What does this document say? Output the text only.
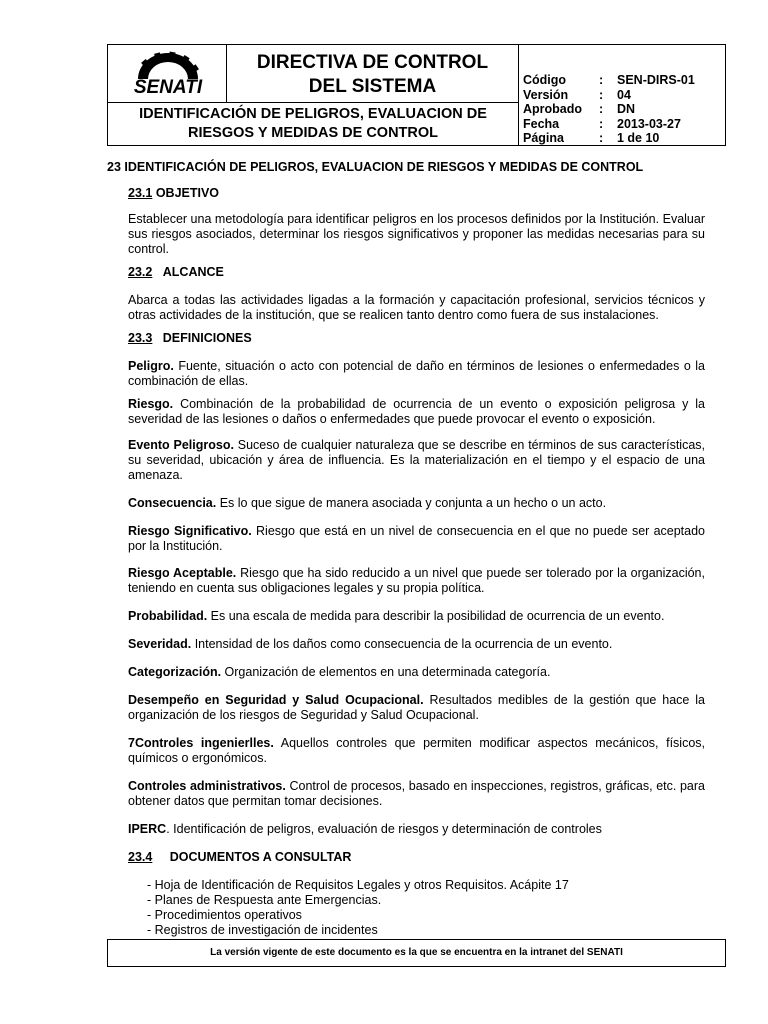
SENATI
DIRECTIVA DE CONTROL
DEL SISTEMA
IDENTIFICACIÓN DE PELIGROS, EVALUACION DE
RIESGOS Y MEDIDAS DE CONTROL
Código	:	SEN-DIRS-01
Versión	:	04
Aprobado	:	DN
Fecha	:	2013-03-27
Página	:	1 de 10

23 IDENTIFICACIÓN DE PELIGROS, EVALUACION DE RIESGOS Y MEDIDAS DE CONTROL

23.1 OBJETIVO

Establecer una metodología para identificar peligros en los procesos definidos por la Institución. Evaluar sus riesgos asociados, determinar los riesgos significativos y proponer las medidas necesarias para su control.

23.2 ALCANCE

Abarca a todas las actividades ligadas a la formación y capacitación profesional, servicios técnicos y otras actividades de la institución, que se realicen tanto dentro como fuera de sus instalaciones.

23.3 DEFINICIONES

Peligro. Fuente, situación o acto con potencial de daño en términos de lesiones o enfermedades o la combinación de ellas.

Riesgo. Combinación de la probabilidad de ocurrencia de un evento o exposición peligrosa y la severidad de las lesiones o daños o enfermedades que puede provocar el evento o exposición.

Evento Peligroso. Suceso de cualquier naturaleza que se describe en términos de sus características, su severidad, ubicación y área de influencia. Es la materialización en el tiempo y el espacio de una amenaza.

Consecuencia. Es lo que sigue de manera asociada y conjunta a un hecho o un acto.

Riesgo Significativo. Riesgo que está en un nivel de consecuencia en el que no puede ser aceptado por la Institución.

Riesgo Aceptable. Riesgo que ha sido reducido a un nivel que puede ser tolerado por la organización, teniendo en cuenta sus obligaciones legales y su propia política.

Probabilidad. Es una escala de medida para describir la posibilidad de ocurrencia de un evento.

Severidad. Intensidad de los daños como consecuencia de la ocurrencia de un evento.

Categorización. Organización de elementos en una determinada categoría.

Desempeño en Seguridad y Salud Ocupacional. Resultados medibles de la gestión que hace la organización de los riesgos de Seguridad y Salud Ocupacional.

7Controles ingenierlles. Aquellos controles que permiten modificar aspectos mecánicos, físicos, químicos o ergonómicos.

Controles administrativos. Control de procesos, basado en inspecciones, registros, gráficas, etc. para obtener datos que permitan tomar decisiones.

IPERC. Identificación de peligros, evaluación de riesgos y determinación de controles

23.4 DOCUMENTOS A CONSULTAR

- Hoja de Identificación de Requisitos Legales y otros Requisitos. Acápite 17
- Planes de Respuesta ante Emergencias.
- Procedimientos operativos
- Registros de investigación de incidentes
La versión vigente de este documento es la que se encuentra en la intranet del SENATI
